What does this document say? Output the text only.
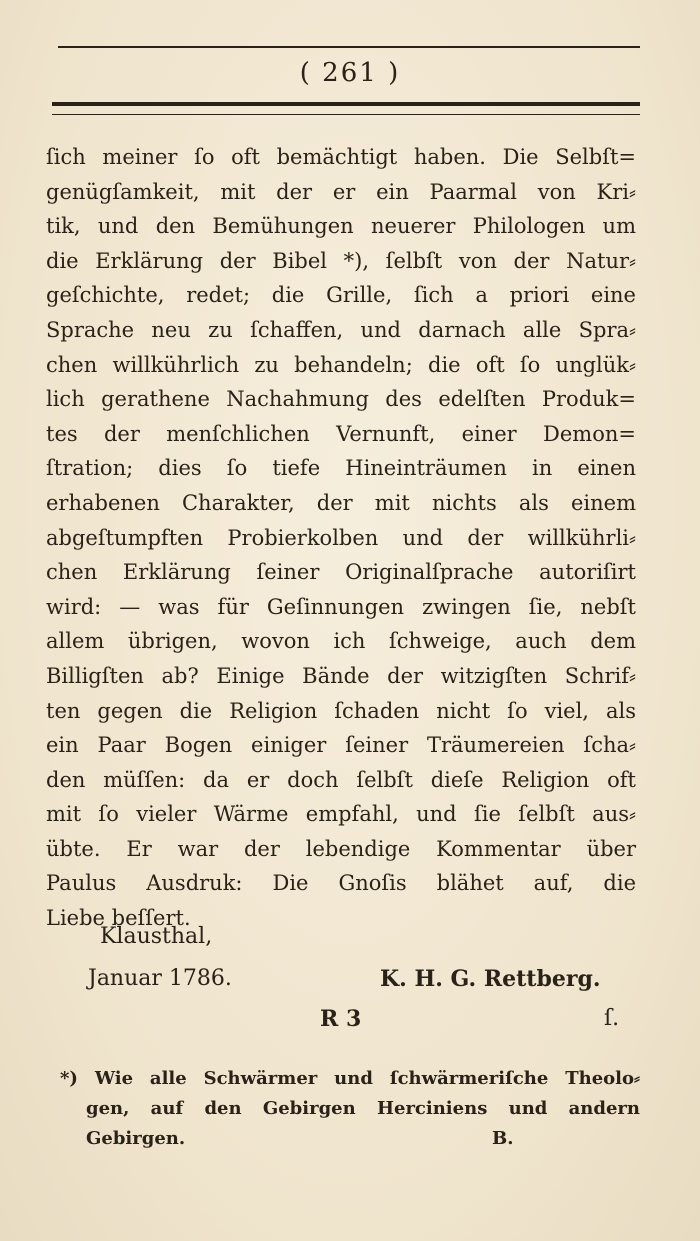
( 261 )
ſich meiner ſo oft bemächtigt haben. Die Selbſt=
genügſamkeit, mit der er ein Paarmal von Kri⸗
tik, und den Bemühungen neuerer Philologen um
die Erklärung der Bibel *), ſelbſt von der Natur⸗
geſchichte, redet; die Grille, ſich a priori eine
Sprache neu zu ſchaffen, und darnach alle Spra⸗
chen willkührlich zu behandeln; die oft ſo unglük⸗
lich gerathene Nachahmung des edelſten Produk=
tes der menſchlichen Vernunft, einer Demon=
ſtration; dies ſo tiefe Hineinträumen in einen
erhabenen Charakter, der mit nichts als einem
abgeſtumpften Probierkolben und der willkührli⸗
chen Erklärung ſeiner Originalſprache autoriſirt
wird: — was für Geſinnungen zwingen ſie, nebſt
allem übrigen, wovon ich ſchweige, auch dem
Billigſten ab? Einige Bände der witzigſten Schrif⸗
ten gegen die Religion ſchaden nicht ſo viel, als
ein Paar Bogen einiger ſeiner Träumereien ſcha⸗
den müſſen: da er doch ſelbſt dieſe Religion oft
mit ſo vieler Wärme empfahl, und ſie ſelbſt aus⸗
übte. Er war der lebendige Kommentar über
Paulus Ausdruk: Die Gnoſis blähet auf, die
Liebe beſſert.
Klausthal,
Januar 1786.	K. H. G. Rettberg.
R 3	ſ.
*) Wie alle Schwärmer und ſchwärmeriſche Theolo⸗
gen, auf den Gebirgen Herciniens und andern
Gebirgen.	B.
